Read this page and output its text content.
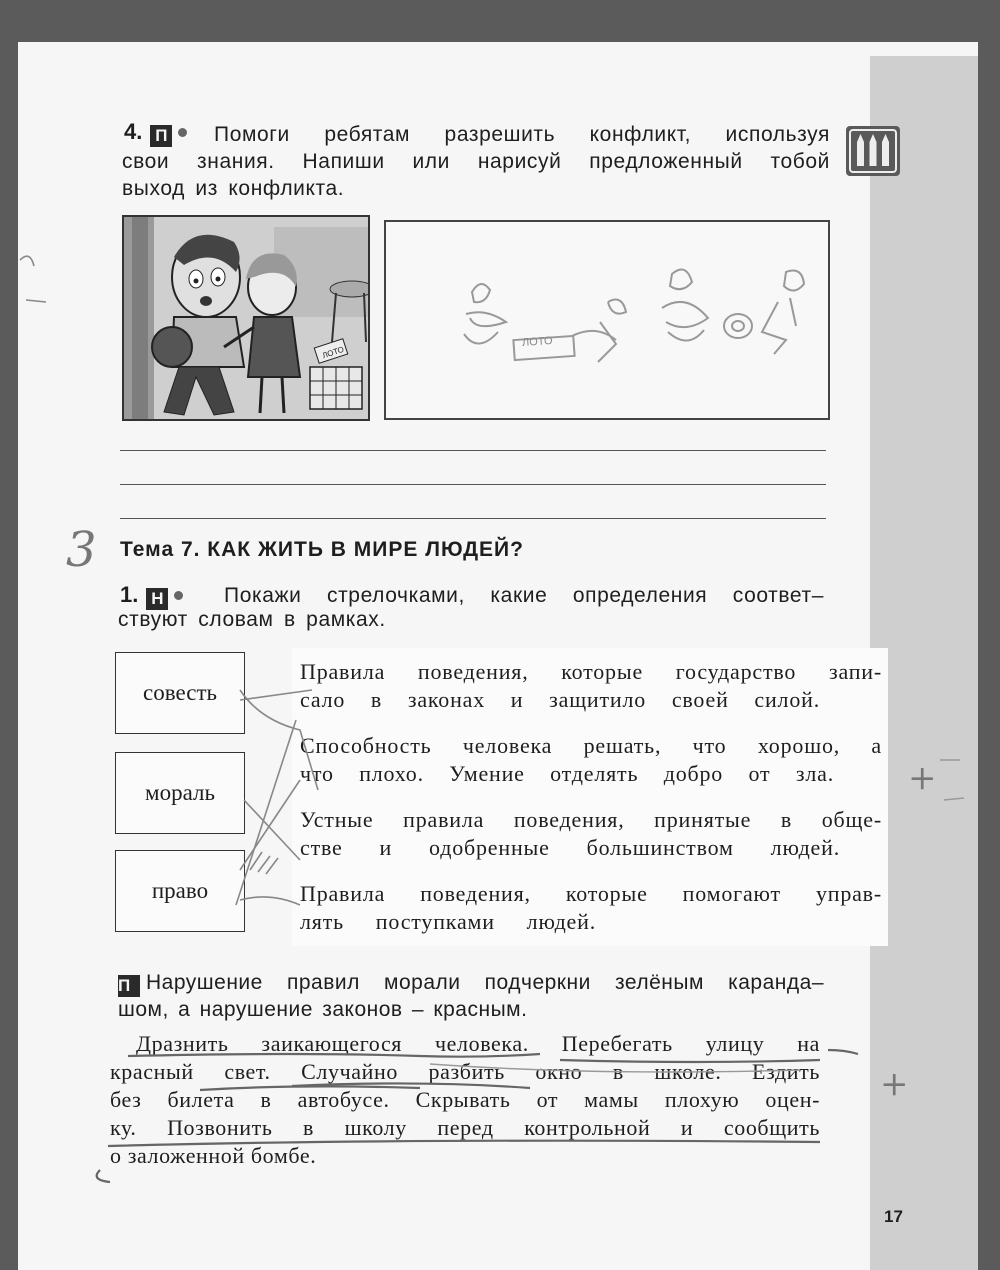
4. П	Помоги ребятам разрешить конфликт, используя
свои знания. Напиши или нарисуй предложенный тобой
выход из конфликта.
ЛОТО
ЛОТО
3 Тема 7. КАК ЖИТЬ В МИРЕ ЛЮДЕЙ?
1. Н	Покажи стрелочками, какие определения соответ–
ствуют словам в рамках.
совесть
мораль
право
Правила поведения, которые государство запи-
сало в законах и защитило своей силой.
Способность человека решать, что хорошо, а
что плохо. Умение отделять добро от зла.
Устные правила поведения, принятые в обще-
стве и одобренные большинством людей.
Правила поведения, которые помогают управ-
лять поступками людей.
+
П Нарушение правил морали подчеркни зелёным каранда–
шом, а нарушение законов – красным.
Дразнить заикающегося человека. Перебегать улицу на
красный свет. Случайно разбить окно в школе. Ездить
без билета в автобусе. Скрывать от мамы плохую оцен-
ку. Позвонить в школу перед контрольной и сообщить
о заложенной бомбе.
+
17
